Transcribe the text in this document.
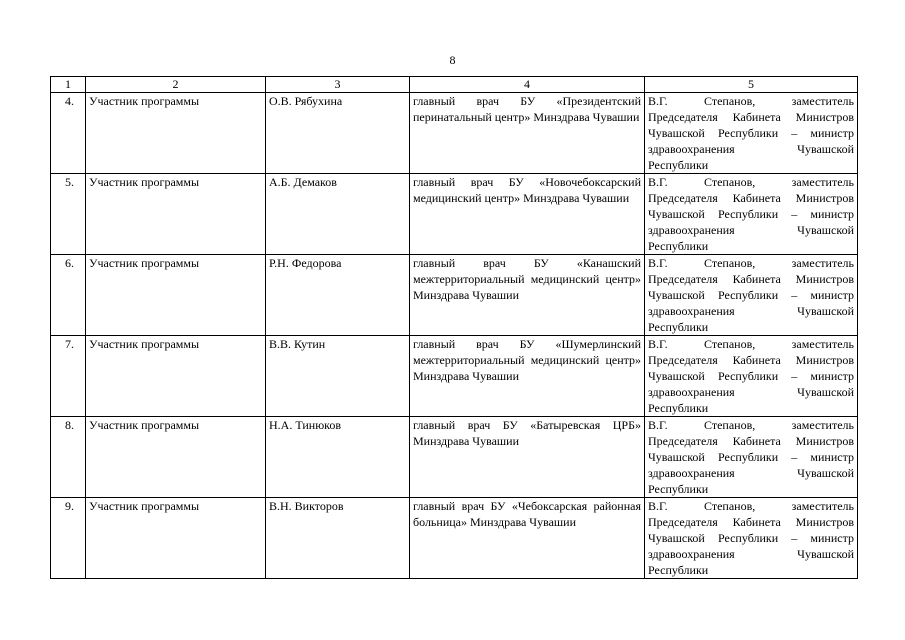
8
1	2	3	4	5
4.	Участник программы	О.В. Рябухина	главный врач БУ «Президентский перинатальный центр» Минздрава Чувашии	В.Г. Степанов, заместитель Председателя Кабинета Министров Чувашской Республики – министр здравоохранения Чувашской Республики
5.	Участник программы	А.Б. Демаков	главный врач БУ «Новочебоксарский медицинский центр» Минздрава Чувашии	В.Г. Степанов, заместитель Председателя Кабинета Министров Чувашской Республики – министр здравоохранения Чувашской Республики
6.	Участник программы	Р.Н. Федорова	главный врач БУ «Канашский межтерриториальный медицинский центр» Минздрава Чувашии	В.Г. Степанов, заместитель Председателя Кабинета Министров Чувашской Республики – министр здравоохранения Чувашской Республики
7.	Участник программы	В.В. Кутин	главный врач БУ «Шумерлинский межтерриториальный медицинский центр» Минздрава Чувашии	В.Г. Степанов, заместитель Председателя Кабинета Министров Чувашской Республики – министр здравоохранения Чувашской Республики
8.	Участник программы	Н.А. Тинюков	главный врач БУ «Батыревская ЦРБ» Минздрава Чувашии	В.Г. Степанов, заместитель Председателя Кабинета Министров Чувашской Республики – министр здравоохранения Чувашской Республики
9.	Участник программы	В.Н. Викторов	главный врач БУ «Чебоксарская районная больница» Минздрава Чувашии	В.Г. Степанов, заместитель Председателя Кабинета Министров Чувашской Республики – министр здравоохранения Чувашской Республики
